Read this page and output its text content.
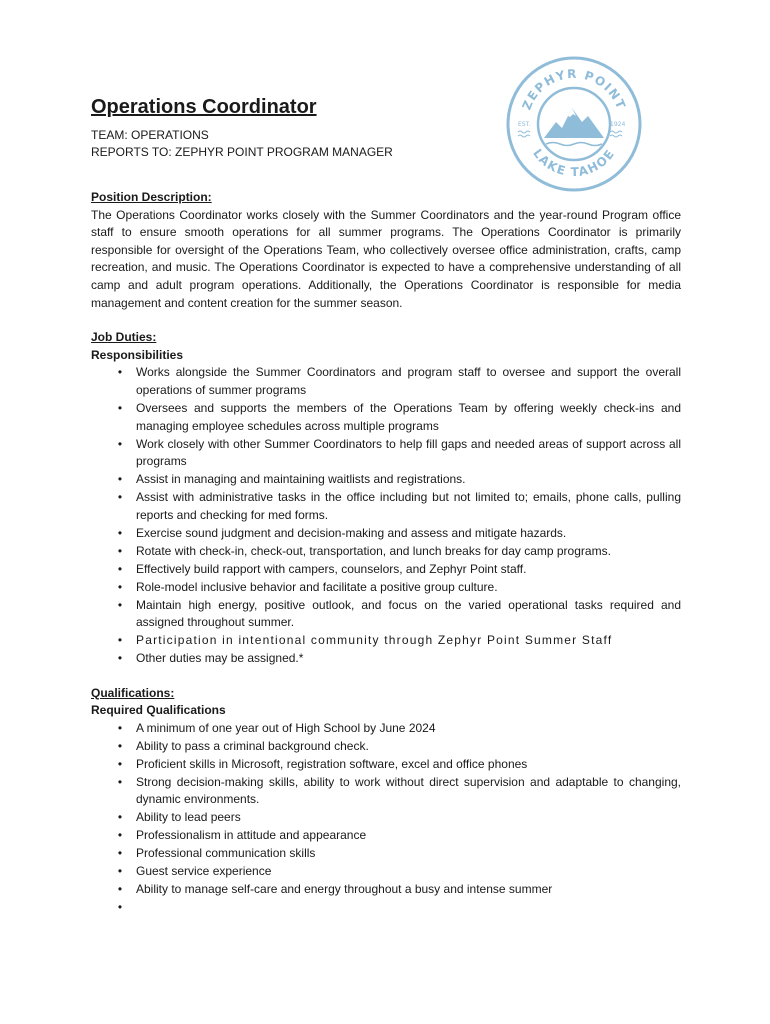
ZEPHYR POINT
LAKE TAHOE
EST.	1924
Operations Coordinator
TEAM: OPERATIONS
REPORTS TO: ZEPHYR POINT PROGRAM MANAGER
Position Description:
The Operations Coordinator works closely with the Summer Coordinators and the year-round Program office staff to ensure smooth operations for all summer programs. The Operations Coordinator is primarily responsible for oversight of the Operations Team, who collectively oversee office administration, crafts, camp recreation, and music. The Operations Coordinator is expected to have a comprehensive understanding of all camp and adult program operations. Additionally, the Operations Coordinator is responsible for media management and content creation for the summer season.
Job Duties:
Responsibilities
• Works alongside the Summer Coordinators and program staff to oversee and support the overall operations of summer programs
• Oversees and supports the members of the Operations Team by offering weekly check-ins and managing employee schedules across multiple programs
• Work closely with other Summer Coordinators to help fill gaps and needed areas of support across all programs
• Assist in managing and maintaining waitlists and registrations.
• Assist with administrative tasks in the office including but not limited to; emails, phone calls, pulling reports and checking for med forms.
• Exercise sound judgment and decision-making and assess and mitigate hazards.
• Rotate with check-in, check-out, transportation, and lunch breaks for day camp programs.
• Effectively build rapport with campers, counselors, and Zephyr Point staff.
• Role-model inclusive behavior and facilitate a positive group culture.
• Maintain high energy, positive outlook, and focus on the varied operational tasks required and assigned throughout summer.
• Participation in intentional community through Zephyr Point Summer Staff
• Other duties may be assigned.*
Qualifications:
Required Qualifications
• A minimum of one year out of High School by June 2024
• Ability to pass a criminal background check.
• Proficient skills in Microsoft, registration software, excel and office phones
• Strong decision-making skills, ability to work without direct supervision and adaptable to changing, dynamic environments.
• Ability to lead peers
• Professionalism in attitude and appearance
• Professional communication skills
• Guest service experience
• Ability to manage self-care and energy throughout a busy and intense summer
•
